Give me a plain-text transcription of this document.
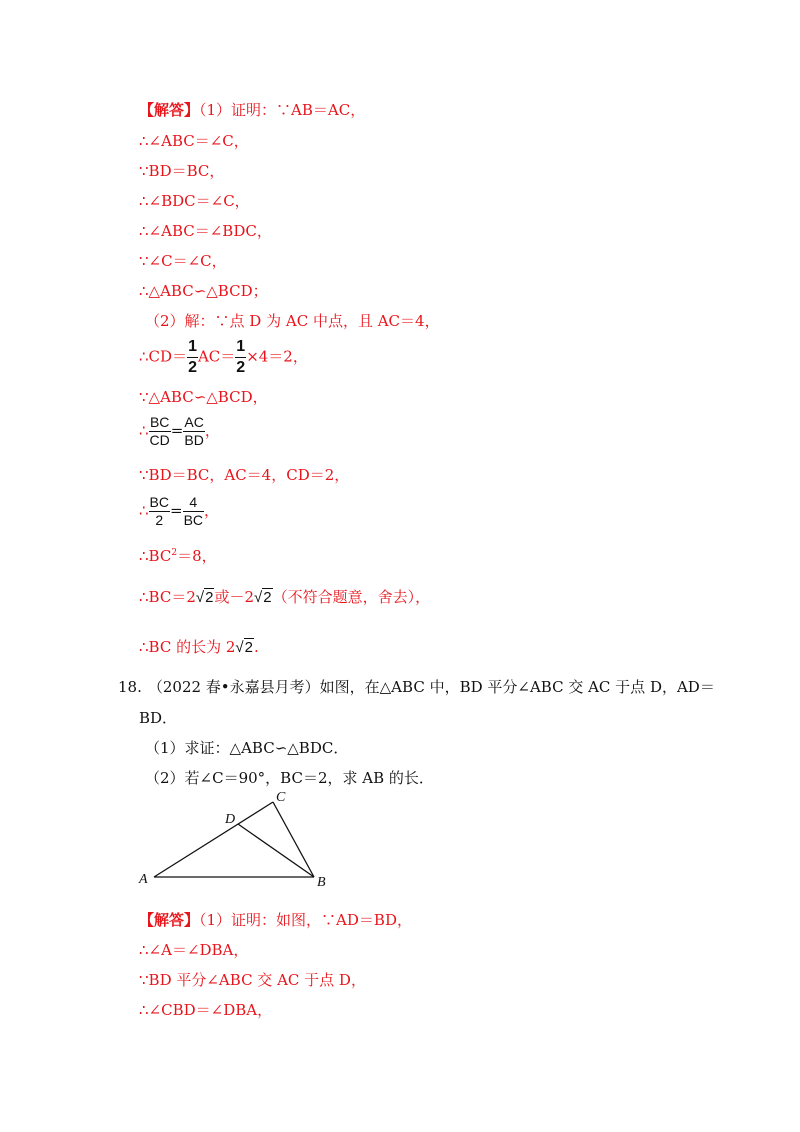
【解答】（1）证明：∵AB＝AC，
∴∠ABC＝∠C，
∵BD＝BC，
∴∠BDC＝∠C，
∴∠ABC＝∠BDC，
∵∠C＝∠C，
∴△ABC∽△BCD；
（2）解：∵点 D 为 AC 中点，且 AC＝4，
∴CD＝ $\frac{1}{2} AC= \frac{1}{2} \times 4=2$，
∵△ABC∽△BCD，
∴ $\frac{BC}{CD} = \frac{AC}{BD}$ ，
∵BD＝BC，AC＝4，CD＝2，
∴ $\frac{BC}{2} = \frac{4}{BC}$ ，
$\therefore BC^2=8$，
∴BC＝2√2或－2√2（不符合题意，舍去），
∴BC 的长为 2√2.
18. （2022 春•永嘉县月考）如图，在△ABC 中，BD 平分∠ABC 交 AC 于点 D，AD＝
BD．
（1）求证：△ABC∽△BDC．
（2）若∠C＝90°，BC＝2，求 AB 的长．
A	B
C
D
【解答】（1）证明：如图，∵AD＝BD，
∴∠A＝∠DBA，
∵BD 平分∠ABC 交 AC 于点 D，
∴∠CBD＝∠DBA，
